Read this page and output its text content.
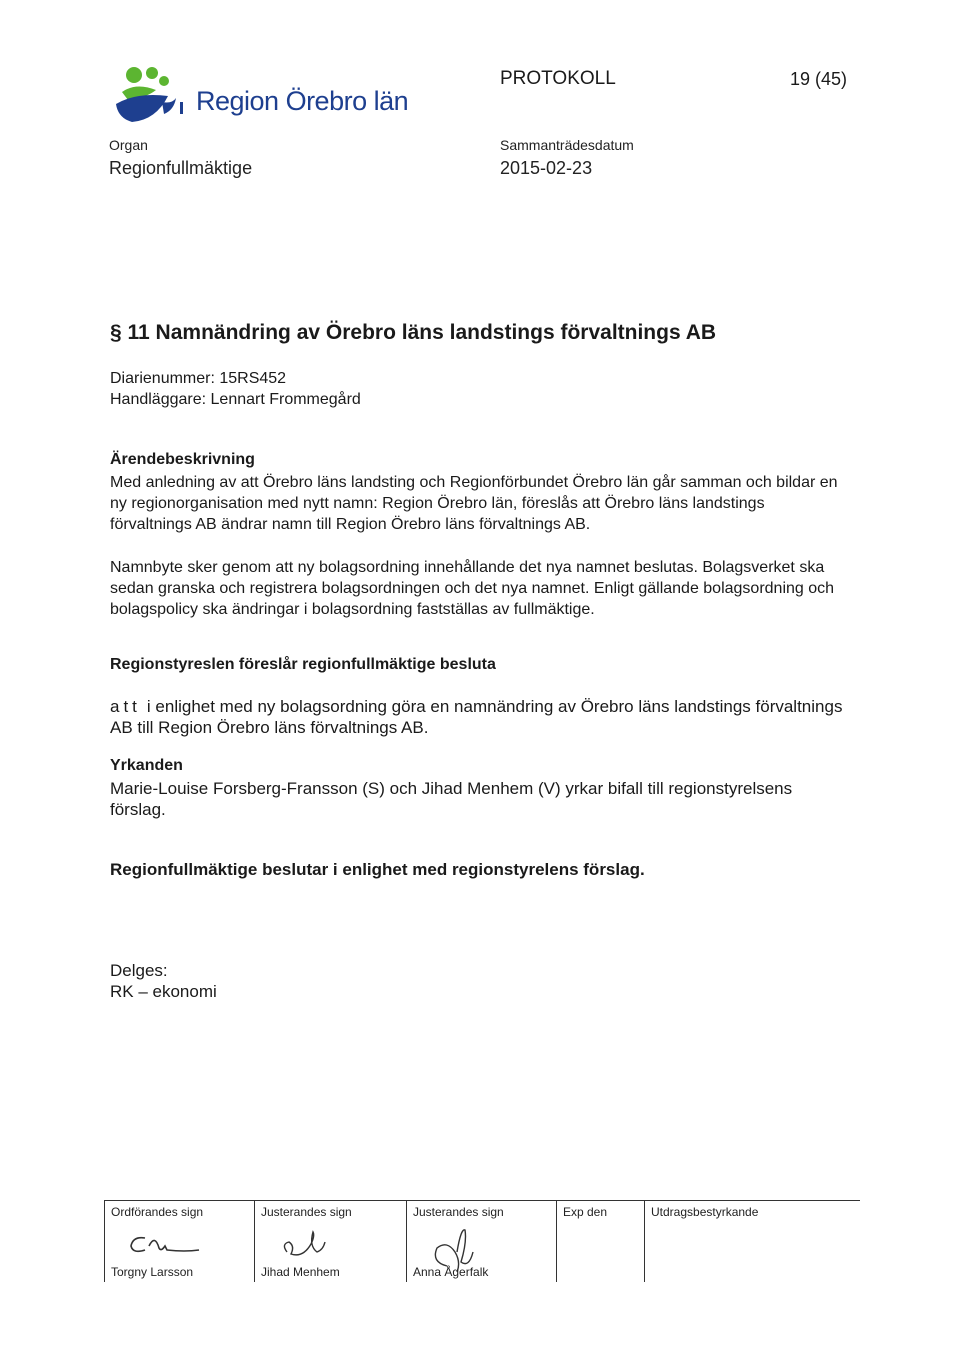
Region Örebro län
PROTOKOLL	19 (45)
Organ
Regionfullmäktige
Sammanträdesdatum
2015-02-23
§ 11 Namnändring av Örebro läns landstings förvaltnings AB
Diarienummer: 15RS452
Handläggare: Lennart Frommegård
Ärendebeskrivning

Med anledning av att Örebro läns landsting och Regionförbundet Örebro län går samman och bildar en ny regionorganisation med nytt namn: Region Örebro län, föreslås att Örebro läns landstings förvaltnings AB ändrar namn till Region Örebro läns förvaltnings AB.

Namnbyte sker genom att ny bolagsordning innehållande det nya namnet beslutas. Bolagsverket ska sedan granska och registrera bolagsordningen och det nya namnet. Enligt gällande bolagsordning och bolagspolicy ska ändringar i bolagsordning fastställas av fullmäktige.

Regionstyreslen föreslår regionfullmäktige besluta

att i enlighet med ny bolagsordning göra en namnändring av Örebro läns landstings förvaltnings AB till Region Örebro läns förvaltnings AB.

Yrkanden

Marie-Louise Forsberg-Fransson (S) och Jihad Menhem (V) yrkar bifall till regionstyrelsens förslag.

Regionfullmäktige beslutar i enlighet med regionstyrelens förslag.
Delges:
RK – ekonomi
Ordförandes sign
Torgny Larsson
Justerandes sign
Jihad Menhem
Justerandes sign
Anna Ågerfalk
Exp den	Utdragsbestyrkande
